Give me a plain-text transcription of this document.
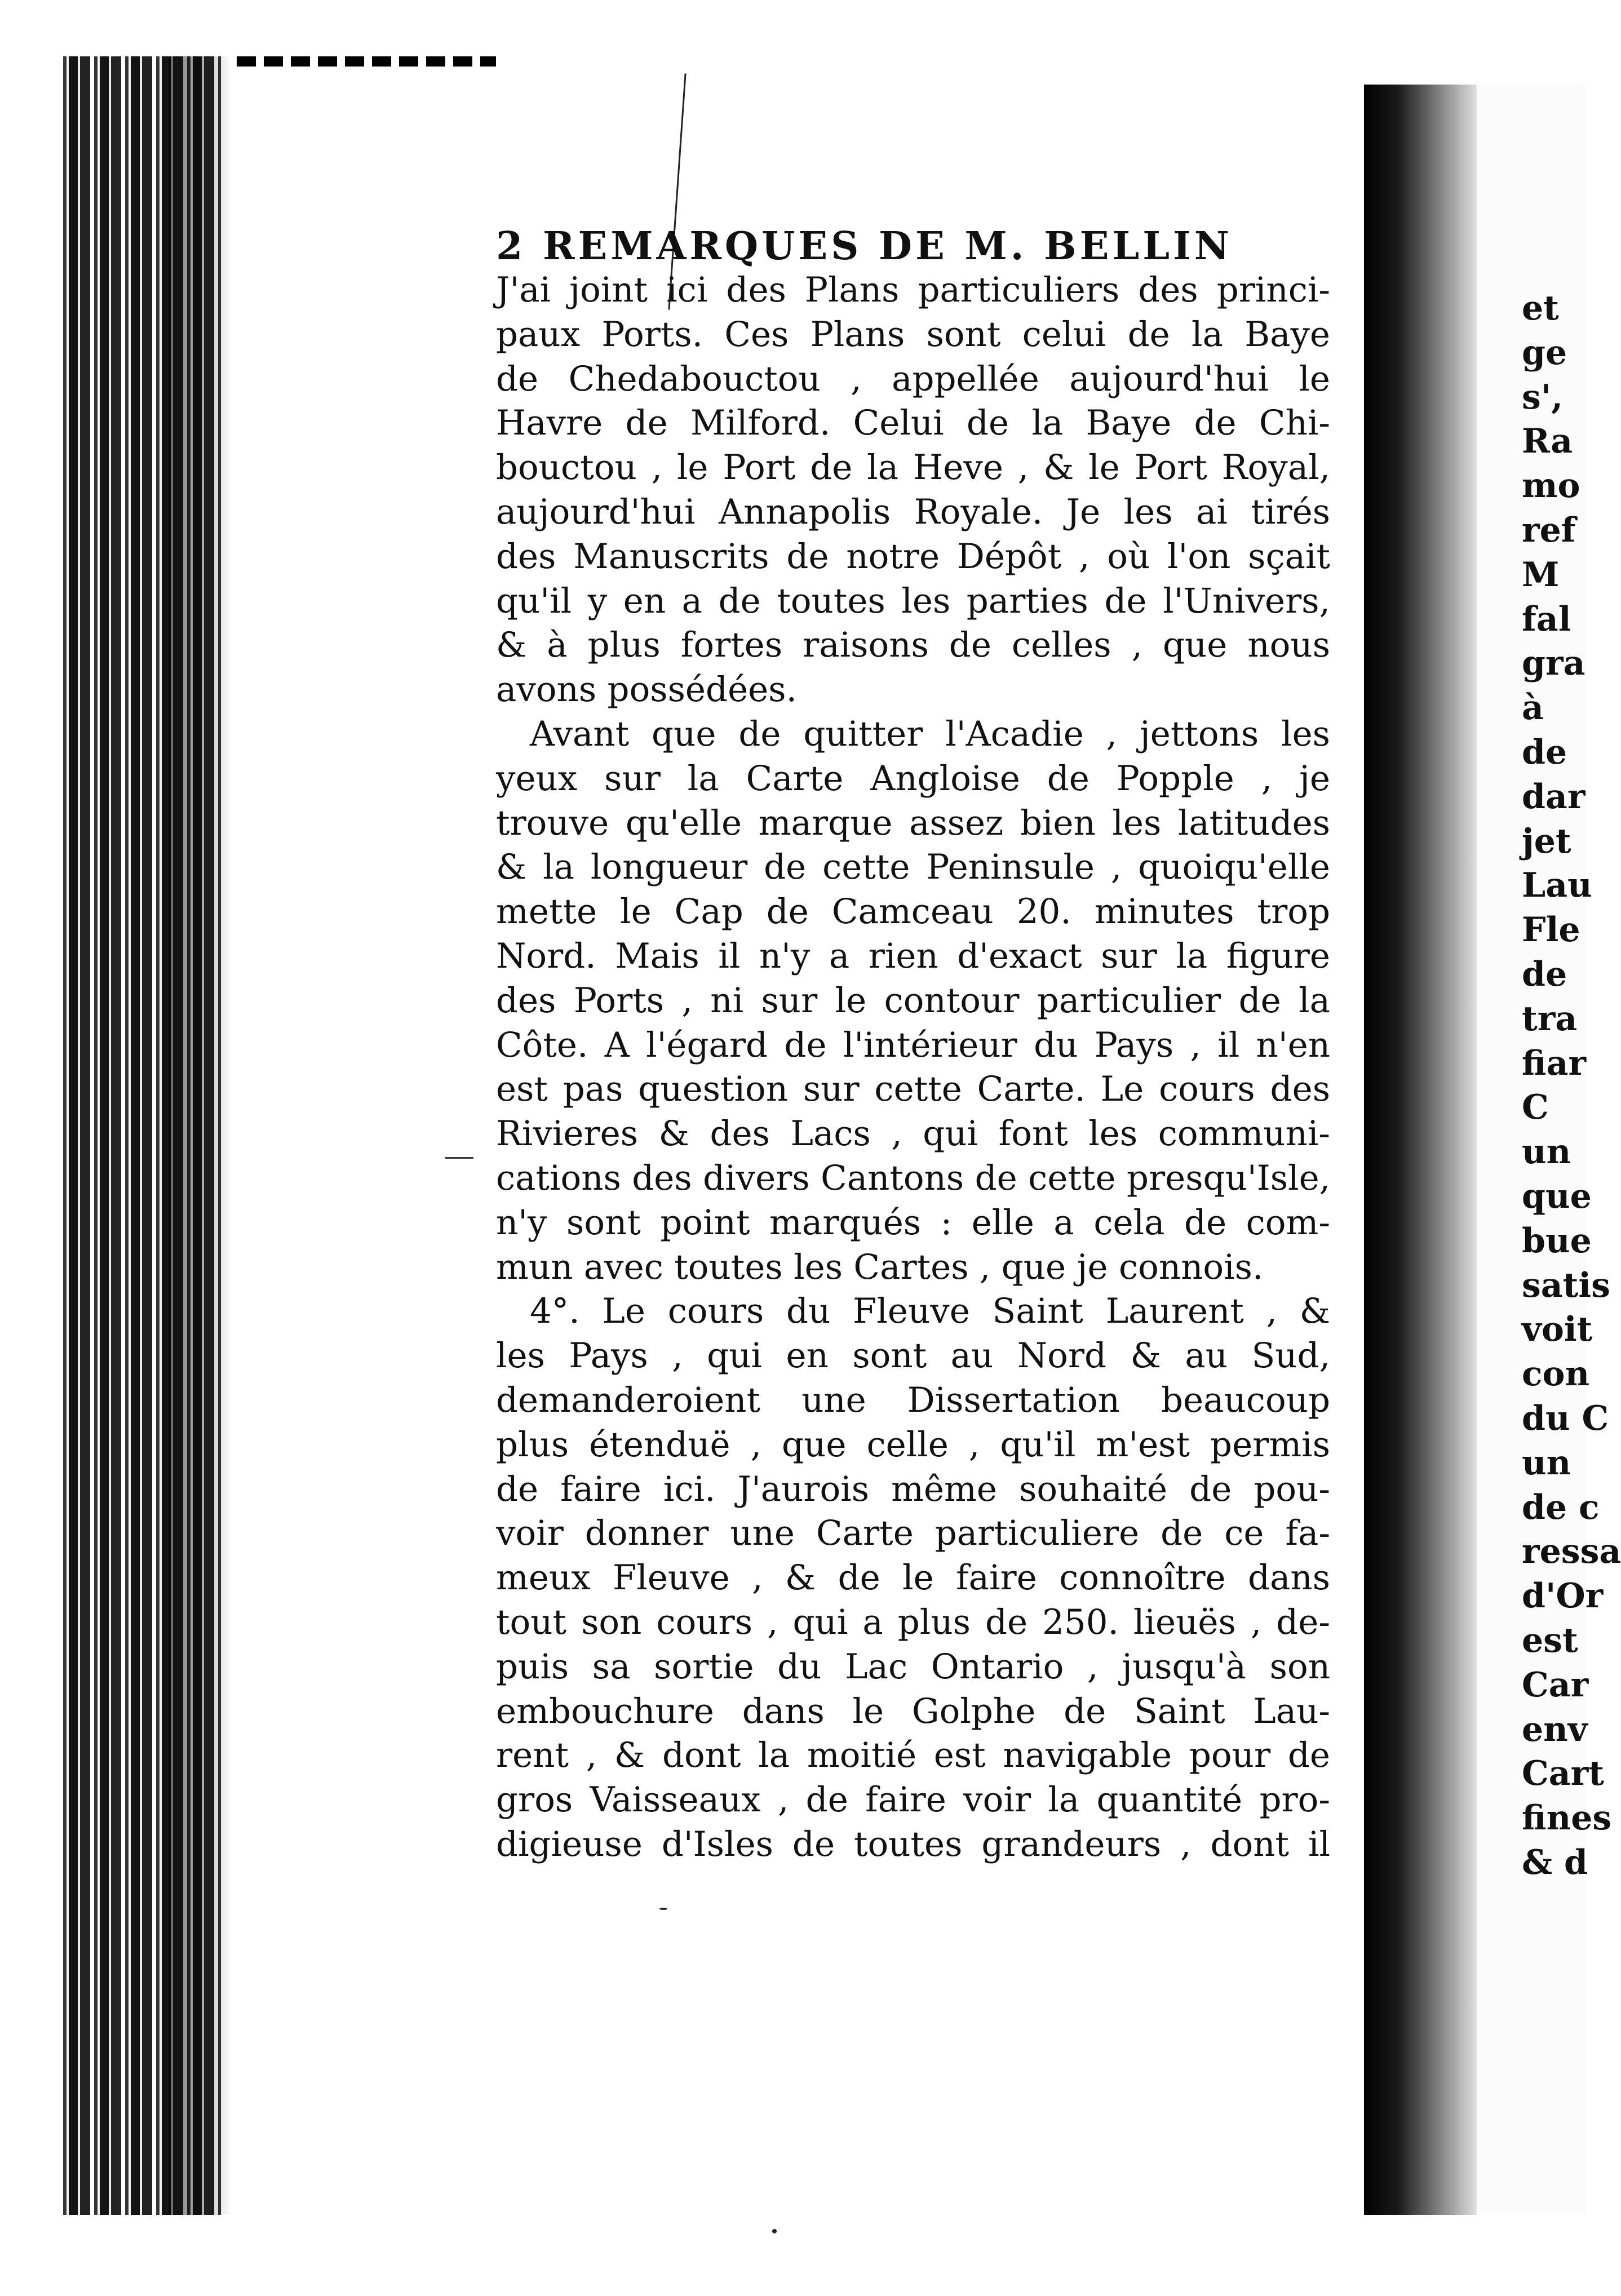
2 REMARQUES DE M. BELLIN
J'ai joint ici des Plans particuliers des princi-
paux Ports. Ces Plans sont celui de la Baye
de Chedabouctou , appellée aujourd'hui le
Havre de Milford. Celui de la Baye de Chi-
bouctou , le Port de la Heve , & le Port Royal,
aujourd'hui Annapolis Royale. Je les ai tirés
des Manuscrits de notre Dépôt , où l'on sçait
qu'il y en a de toutes les parties de l'Univers,
& à plus fortes raisons de celles , que nous
avons possédées.
Avant que de quitter l'Acadie , jettons les
yeux sur la Carte Angloise de Popple , je
trouve qu'elle marque assez bien les latitudes
& la longueur de cette Peninsule , quoiqu'elle
mette le Cap de Camceau 20. minutes trop
Nord. Mais il n'y a rien d'exact sur la figure
des Ports , ni sur le contour particulier de la
Côte. A l'égard de l'intérieur du Pays , il n'en
est pas question sur cette Carte. Le cours des
Rivieres & des Lacs , qui font les communi-
cations des divers Cantons de cette presqu'Isle,
n'y sont point marqués : elle a cela de com-
mun avec toutes les Cartes , que je connois.
4°. Le cours du Fleuve Saint Laurent , &
les Pays , qui en sont au Nord & au Sud,
demanderoient une Dissertation beaucoup
plus étenduë , que celle , qu'il m'est permis
de faire ici. J'aurois même souhaité de pou-
voir donner une Carte particuliere de ce fa-
meux Fleuve , & de le faire connoître dans
tout son cours , qui a plus de 250. lieuës , de-
puis sa sortie du Lac Ontario , jusqu'à son
embouchure dans le Golphe de Saint Lau-
rent , & dont la moitié est navigable pour de
gros Vaisseaux , de faire voir la quantité pro-
digieuse d'Isles de toutes grandeurs , dont il
et
ge
s',
Ra
mo
ref
M
fal
gra
à
de
dar
jet
Lau
Fle
de
tra
fiar
C
un
que
bue
satis
voit
con
du C
un
de c
ressa
d'Or
est
Car
env
Cart
fines
& d
